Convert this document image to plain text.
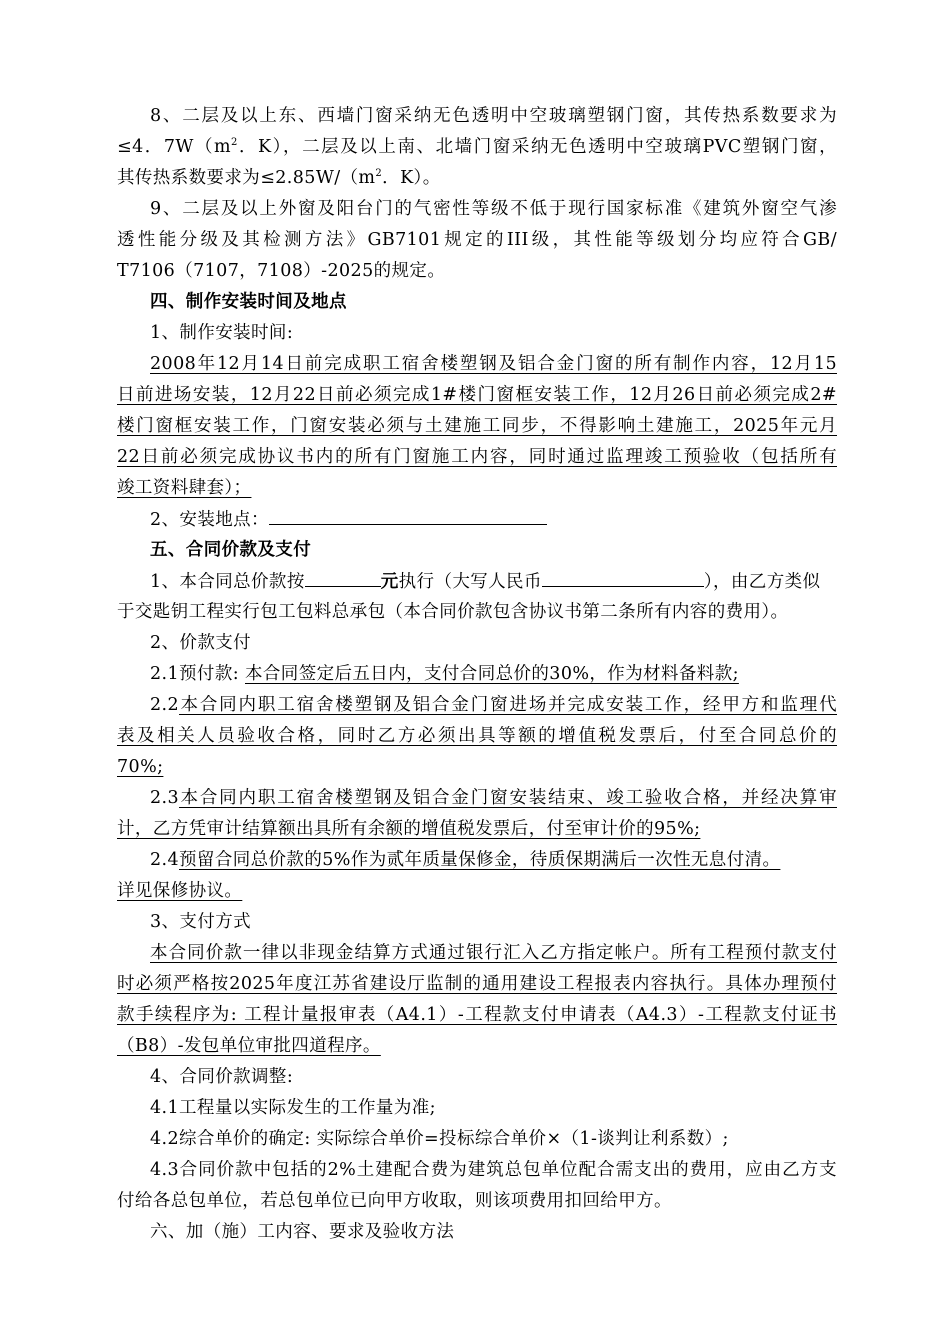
8、二层及以上东、西墙门窗采纳无色透明中空玻璃塑钢门窗，其传热系数要求为
≤4．$7W(m^2$．K），二层及以上南、北墙门窗采纳无色透明中空玻璃PVC塑钢门窗，
其传热系数要求为$\le 2.85W/(m^2$．K）。
9、二层及以上外窗及阳台门的气密性等级不低于现行国家标准《建筑外窗空气渗
透性能分级及其检测方法》GB7101规定的III级，其性能等级划分均应符合GB/
T7106（7107，7108）-2025的规定。
四、制作安装时间及地点
1、制作安装时间:
2008年12月14日前完成职工宿舍楼塑钢及铝合金门窗的所有制作内容，12月15
日前进场安装，12月22日前必须完成1#楼门窗框安装工作，12月26日前必须完成2#
楼门窗框安装工作，门窗安装必须与土建施工同步，不得影响土建施工，2025年元月
22日前必须完成协议书内的所有门窗施工内容，同时通过监理竣工预验收（包括所有
竣工资料肆套）；
2、安装地点：
五、合同价款及支付
1、本合同总价款按	元执行（大写人民币	），由乙方类似
于交匙钥工程实行包工包料总承包（本合同价款包含协议书第二条所有内容的费用）。
2、价款支付
2.1预付款: 本合同签定后五日内，支付合同总价的30%，作为材料备料款;
2.2本合同内职工宿舍楼塑钢及铝合金门窗进场并完成安装工作，经甲方和监理代
表及相关人员验收合格，同时乙方必须出具等额的增值税发票后，付至合同总价的
70%;
2.3本合同内职工宿舍楼塑钢及铝合金门窗安装结束、竣工验收合格，并经决算审
计，乙方凭审计结算额出具所有余额的增值税发票后，付至审计价的95%;
2.4预留合同总价款的5%作为贰年质量保修金，待质保期满后一次性无息付清。
详见保修协议。
3、支付方式
本合同价款一律以非现金结算方式通过银行汇入乙方指定帐户。所有工程预付款支付
时必须严格按2025年度江苏省建设厅监制的通用建设工程报表内容执行。具体办理预付
款手续程序为: 工程计量报审表（A4.1）-工程款支付申请表（A4.3）-工程款支付证书
（B8）-发包单位审批四道程序。
4、合同价款调整:
4.1工程量以实际发生的工作量为准;
4.2综合单价的确定: 实际综合单价=投标综合单价×（1-谈判让利系数）;
4.3合同价款中包括的2%土建配合费为建筑总包单位配合需支出的费用，应由乙方支
付给各总包单位，若总包单位已向甲方收取，则该项费用扣回给甲方。
六、加（施）工内容、要求及验收方法
